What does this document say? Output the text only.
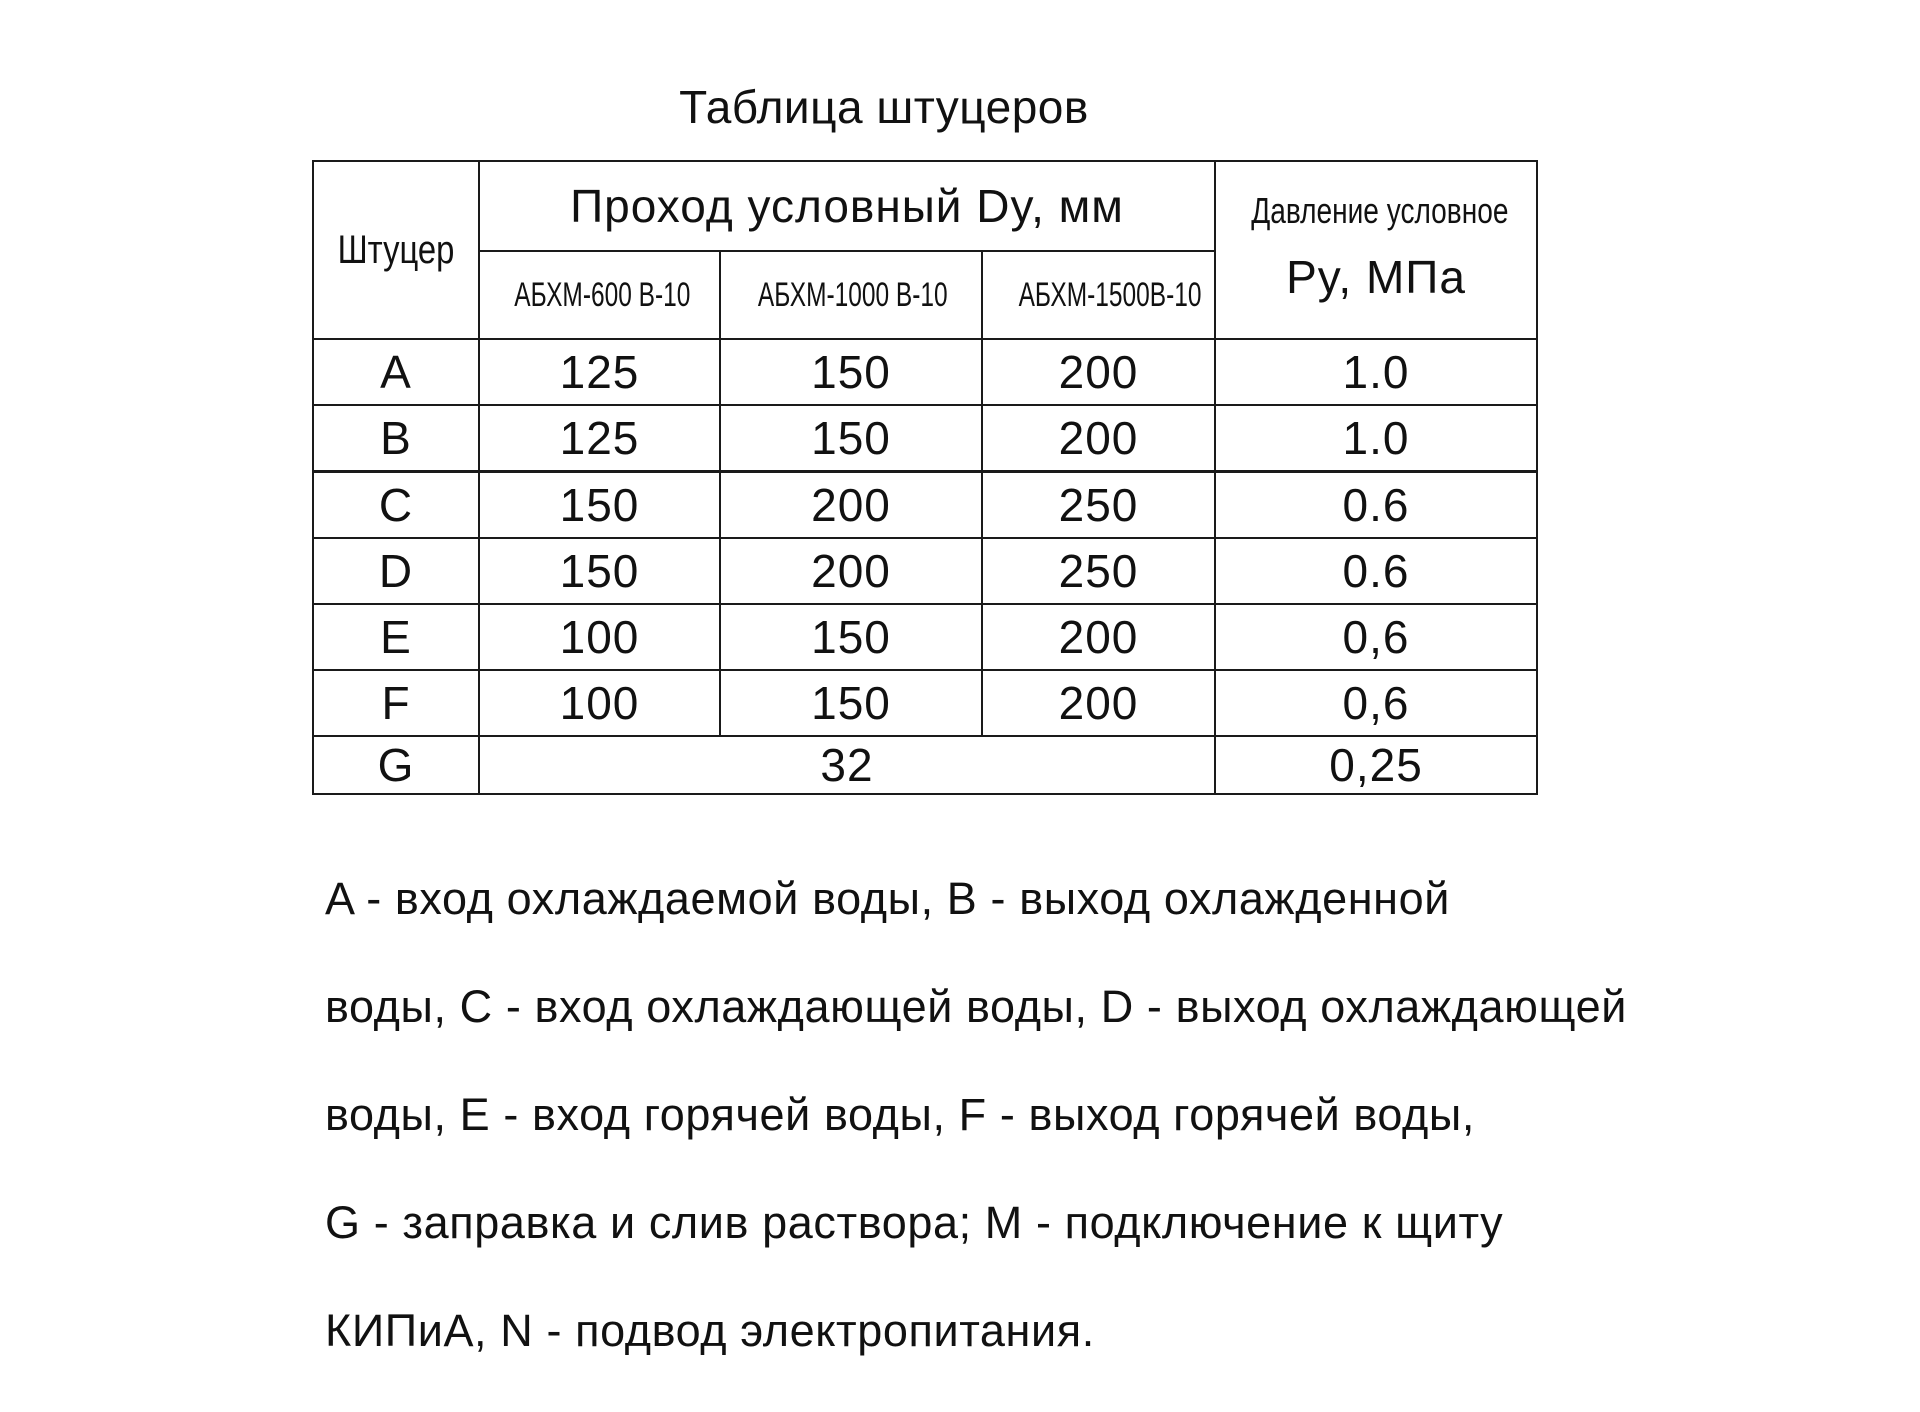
Таблица штуцеров
Штуцер	Проход условный Dy, мм			Давление условное
Py, МПа

	АБХМ-600 В-10	АБХМ-1000 В-10	АБХМ-1500В-10	
A	125	150	200	1.0
B	125	150	200	1.0
C	150	200	250	0.6
D	150	200	250	0.6
E	100	150	200	0,6
F	100	150	200	0,6
G	32			0,25

A - вход охлаждаемой воды, B - выход охлажденной

воды, C - вход охлаждающей воды, D - выход охлаждающей

воды, E - вход горячей воды, F - выход горячей воды,

G - заправка и слив раствора; M - подключение к щиту

КИПиА, N - подвод электропитания.
